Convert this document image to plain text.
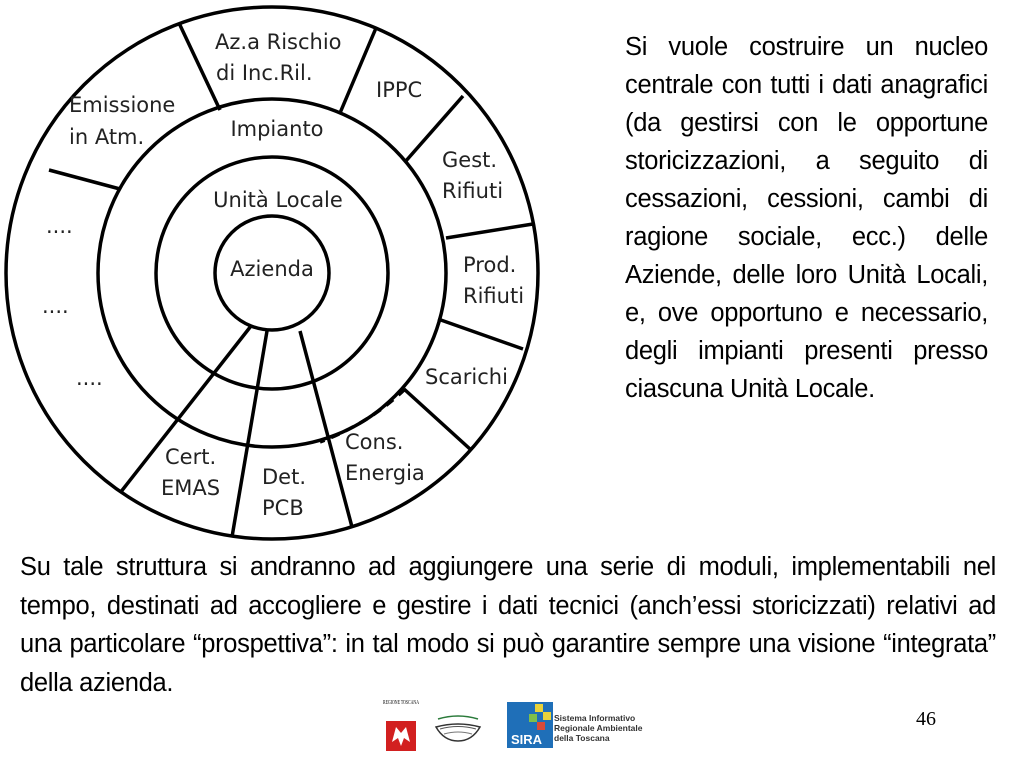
Azienda
Unità Locale
Impianto
Az.a Rischio
di Inc.Ril.
IPPC
Gest.
Rifiuti
Prod.
Rifiuti
Scarichi
Cons.
Energia
Det.
PCB
Cert.
EMAS
Emissione
in Atm.
....
....
....
Si vuole costruire un nucleo centrale con tutti i dati anagrafici (da gestirsi con le opportune storicizzazioni, a seguito di cessazioni, cessioni, cambi di ragione sociale, ecc.) delle Aziende, delle loro Unità Locali, e, ove opportuno e necessario, degli impianti presenti presso ciascuna Unità Locale.
Su tale struttura si andranno ad aggiungere una serie di moduli, implementabili nel tempo, destinati ad accogliere e gestire i dati tecnici (anch’essi storicizzati) relativi ad una particolare “prospettiva”: in tal modo si può garantire sempre una visione “integrata” della azienda.
46
REGIONE TOSCANA
SIRA
Sistema Informativo
Regionale Ambientale
della Toscana
